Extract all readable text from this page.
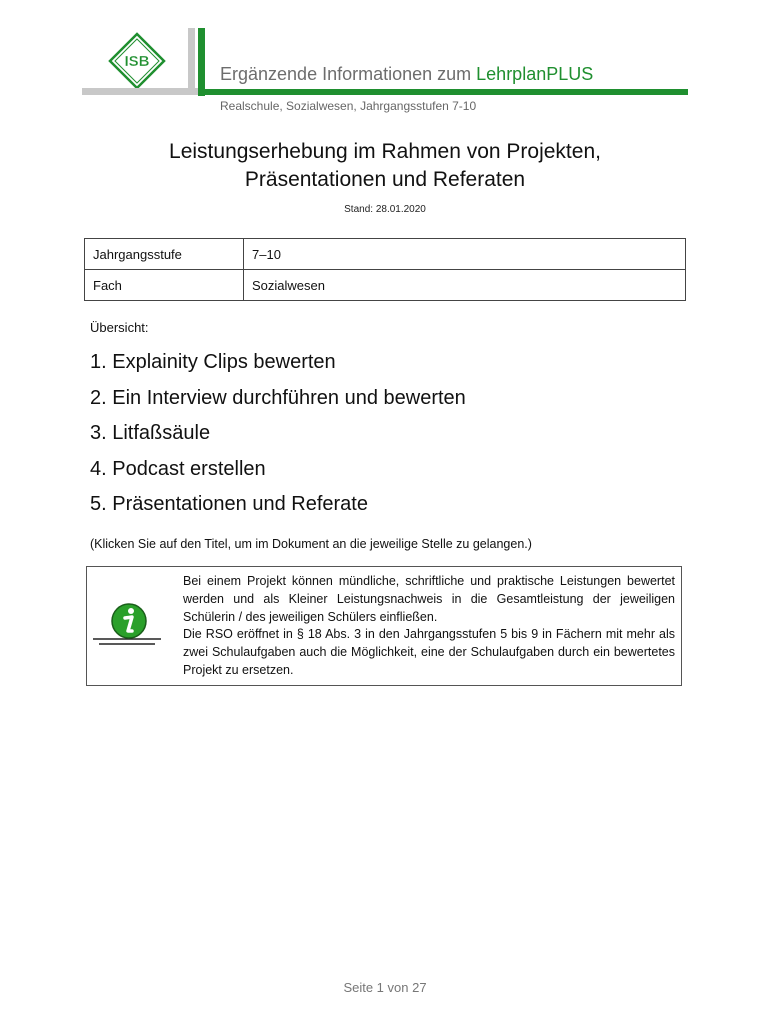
ISB
Ergänzende Informationen zum LehrplanPLUS
Realschule, Sozialwesen, Jahrgangsstufen 7-10
Leistungserhebung im Rahmen von Projekten,
Präsentationen und Referaten
Stand: 28.01.2020
Jahrgangsstufe	7–10
Fach	Sozialwesen
Übersicht:
1. Explainity Clips bewerten
2. Ein Interview durchführen und bewerten
3. Litfaßsäule
4. Podcast erstellen
5. Präsentationen und Referate
(Klicken Sie auf den Titel, um im Dokument an die jeweilige Stelle zu gelangen.)

Bei einem Projekt können mündliche, schriftliche und praktische Leistungen bewertet werden und als Kleiner Leistungsnachweis in die Gesamtleistung der jeweiligen Schülerin / des jeweiligen Schülers einfließen.

Die RSO eröffnet in § 18 Abs. 3 in den Jahrgangsstufen 5 bis 9 in Fächern mit mehr als zwei Schulaufgaben auch die Möglichkeit, eine der Schulaufgaben durch ein bewertetes Projekt zu ersetzen.

Seite 1 von 27
